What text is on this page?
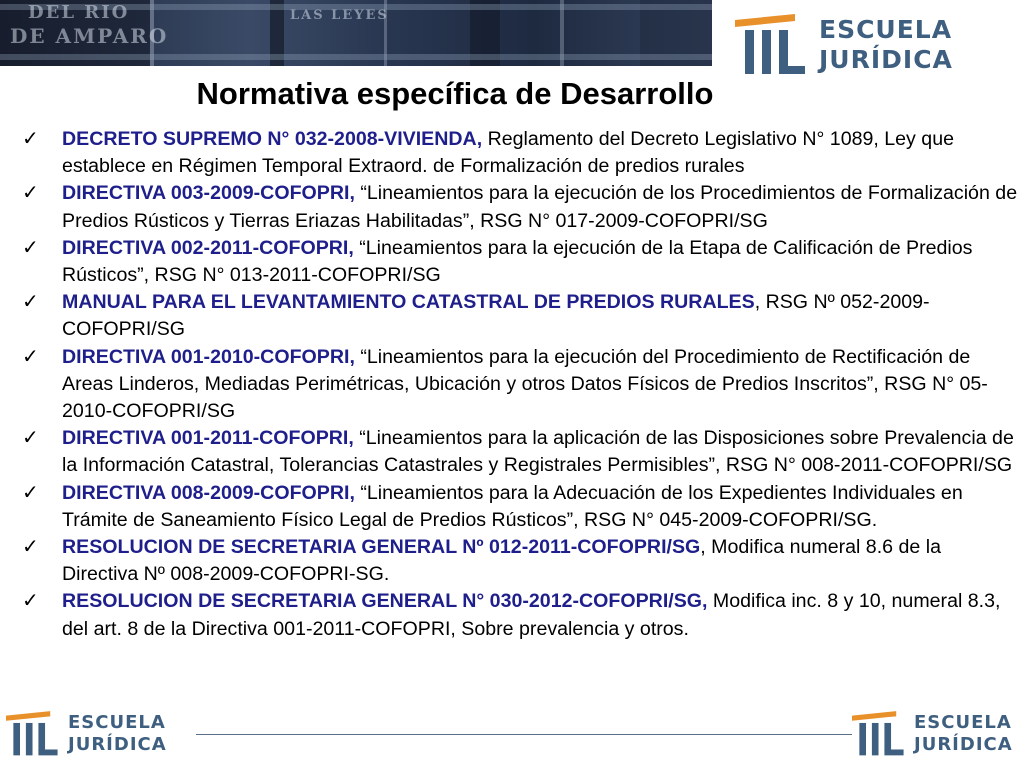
DEL RIO
DE AMPARO
LAS LEYES	ESCUELA
JURÍDICA
Normativa específica de Desarrollo
✓ DECRETO SUPREMO N° 032-2008-VIVIENDA, Reglamento del Decreto Legislativo N° 1089, Ley que establece en Régimen Temporal Extraord. de Formalización de predios rurales
✓ DIRECTIVA 003-2009-COFOPRI, “Lineamientos para la ejecución de los Procedimientos de Formalización de Predios Rústicos y Tierras Eriazas Habilitadas”, RSG N° 017-2009-COFOPRI/SG
✓ DIRECTIVA 002-2011-COFOPRI, “Lineamientos para la ejecución de la Etapa de Calificación de Predios Rústicos”, RSG N° 013-2011-COFOPRI/SG
✓ MANUAL PARA EL LEVANTAMIENTO CATASTRAL DE PREDIOS RURALES, RSG Nº 052-2009-COFOPRI/SG
✓ DIRECTIVA 001-2010-COFOPRI, “Lineamientos para la ejecución del Procedimiento de Rectificación de Areas Linderos, Mediadas Perimétricas, Ubicación y otros Datos Físicos de Predios Inscritos”, RSG N° 05-2010-COFOPRI/SG
✓ DIRECTIVA 001-2011-COFOPRI, “Lineamientos para la aplicación de las Disposiciones sobre Prevalencia de la Información Catastral, Tolerancias Catastrales y Registrales Permisibles”, RSG N° 008-2011-COFOPRI/SG
✓ DIRECTIVA 008-2009-COFOPRI, “Lineamientos para la Adecuación de los Expedientes Individuales en Trámite de Saneamiento Físico Legal de Predios Rústicos”, RSG N° 045-2009-COFOPRI/SG.
✓ RESOLUCION DE SECRETARIA GENERAL Nº 012-2011-COFOPRI/SG, Modifica numeral 8.6 de la Directiva Nº 008-2009-COFOPRI-SG.
✓ RESOLUCION DE SECRETARIA GENERAL N° 030-2012-COFOPRI/SG, Modifica inc. 8 y 10, numeral 8.3, del art. 8 de la Directiva 001-2011-COFOPRI, Sobre prevalencia y otros.
ESCUELA
JURÍDICA
ESCUELA
JURÍDICA
